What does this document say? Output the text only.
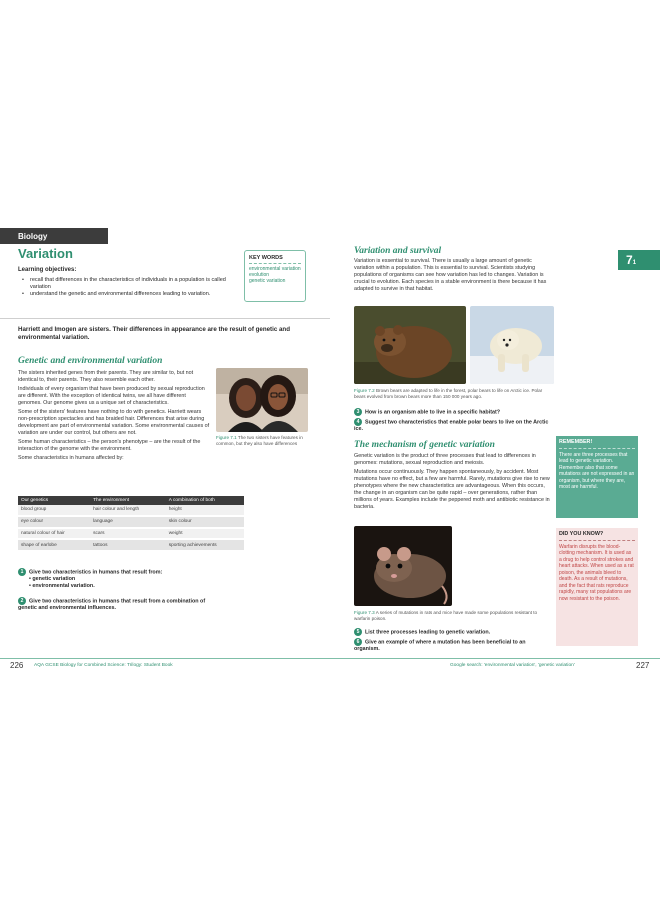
Biology
Variation
Learning objectives:
• recall that differences in the characteristics of individuals in a population is called variation
• understand the genetic and environmental differences leading to variation.
KEY WORDS
environmental variation
evolution
genetic variation
Harriett and Imogen are sisters. Their differences in appearance are the result of genetic and environmental variation.
Genetic and environmental variation

The sisters inherited genes from their parents. They are similar to, but not identical to, their parents. They also resemble each other.

Individuals of every organism that have been produced by sexual reproduction are different. With the exception of identical twins, we all have different genomes. Our genome gives us a unique set of characteristics.

Some of the sisters' features have nothing to do with genetics. Harriett wears non-prescription spectacles and has braided hair. Differences that arise during development are part of environmental variation. Some environmental causes of variation are under our control, but others are not.

Some human characteristics – the person's phenotype – are the result of the interaction of the genome with the environment.

Some characteristics in humans affected by:

Figure 7.1 The two sisters have features in common, but they also have differences
Our genetics	The environment	A combination of both
blood group	hair colour and length	height
eye colour	language	skin colour
natural colour of hair	scars	weight
shape of earlobe	tattoos	sporting achievements
1 Give two characteristics in humans that result from:
• genetic variation
• environmental variation.
2 Give two characteristics in humans that result from a combination of genetic and environmental influences.
226 AQA GCSE Biology for Combined Science: Trilogy: Student Book
71
Variation and survival
Variation is essential to survival. There is usually a large amount of genetic variation within a population. This is essential to survival. Scientists studying populations of organisms can see how variation has led to changes. Variation is crucial to evolution. Each species in a stable environment is there because it has adapted to survive in that habitat.
Figure 7.2 Brown bears are adapted to life in the forest, polar bears to life on Arctic ice. Polar bears evolved from brown bears more than 150 000 years ago.
3 How is an organism able to live in a specific habitat?
4 Suggest two characteristics that enable polar bears to live on the Arctic ice.
The mechanism of genetic variation

Genetic variation is the product of three processes that lead to differences in genomes: mutations, sexual reproduction and meiosis.

Mutations occur continuously. They happen spontaneously, by accident. Most mutations have no effect, but a few are harmful. Rarely, mutations give rise to new phenotypes where the new characteristics are advantageous. When this occurs, the change in an organism can be quite rapid – over generations, rather than millions of years. Examples include the peppered moth and antibiotic resistance in bacteria.

Figure 7.3 A series of mutations in rats and mice have made some populations resistant to warfarin poison.
5 List three processes leading to genetic variation.
6 Give an example of where a mutation has been beneficial to an organism.
REMEMBER!
There are three processes that lead to genetic variation. Remember also that some mutations are not expressed in an organism, but where they are, most are harmful.
DID YOU KNOW?
Warfarin disrupts the blood-clotting mechanism. It is used as a drug to help control strokes and heart attacks. When used as a rat poison, the animals bleed to death. As a result of mutations, and the fact that rats reproduce rapidly, many rat populations are now resistant to the poison.
Google search: 'environmental variation', 'genetic variation'	227
